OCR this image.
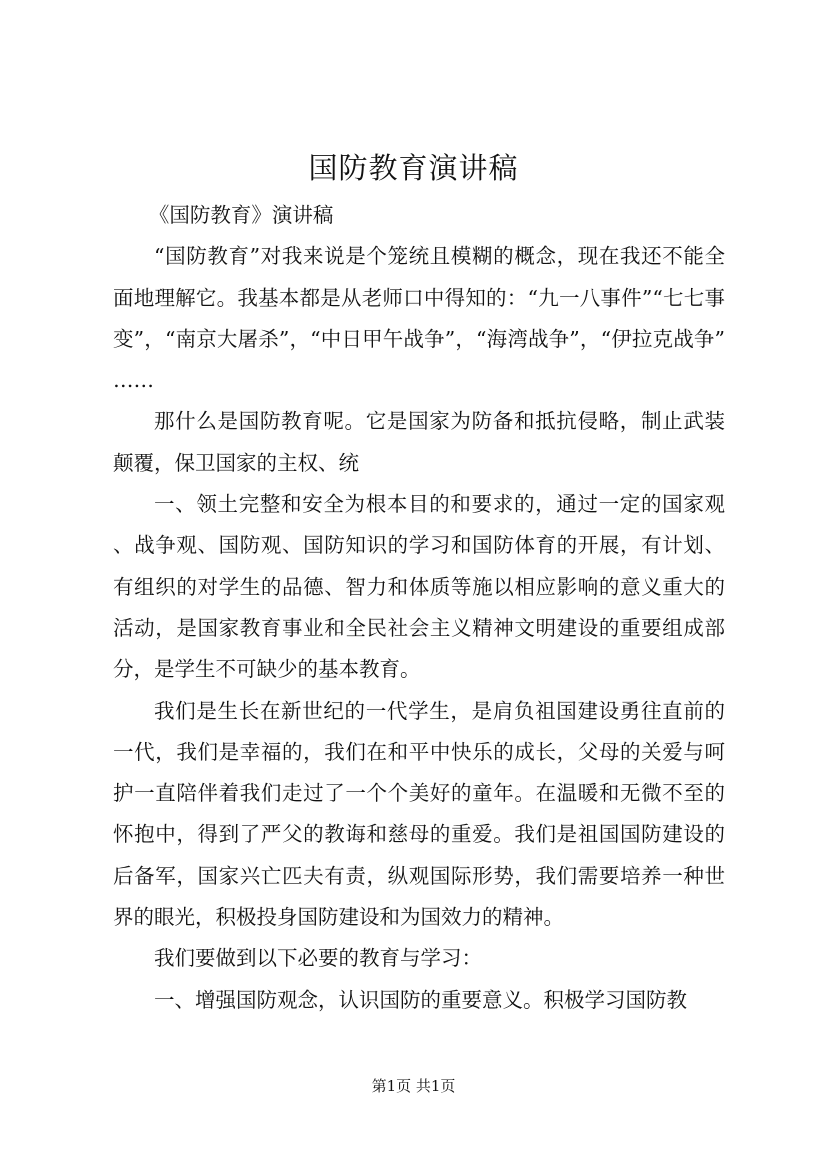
国防教育演讲稿

《国防教育》演讲稿

“国防教育”对我来说是个笼统且模糊的概念，现在我还不能全面地理解它。我基本都是从老师口中得知的：“九一八事件”“七七事变”，“南京大屠杀”，“中日甲午战争”，“海湾战争”，“伊拉克战争”……

那什么是国防教育呢。它是国家为防备和抵抗侵略，制止武装颠覆，保卫国家的主权、统

一、领土完整和安全为根本目的和要求的，通过一定的国家观、战争观、国防观、国防知识的学习和国防体育的开展，有计划、有组织的对学生的品德、智力和体质等施以相应影响的意义重大的活动，是国家教育事业和全民社会主义精神文明建设的重要组成部分，是学生不可缺少的基本教育。

我们是生长在新世纪的一代学生，是肩负祖国建设勇往直前的一代，我们是幸福的，我们在和平中快乐的成长，父母的关爱与呵护一直陪伴着我们走过了一个个美好的童年。在温暖和无微不至的怀抱中，得到了严父的教诲和慈母的重爱。我们是祖国国防建设的后备军，国家兴亡匹夫有责，纵观国际形势，我们需要培养一种世界的眼光，积极投身国防建设和为国效力的精神。

我们要做到以下必要的教育与学习：

一、增强国防观念，认识国防的重要意义。积极学习国防教

第1页 共1页
